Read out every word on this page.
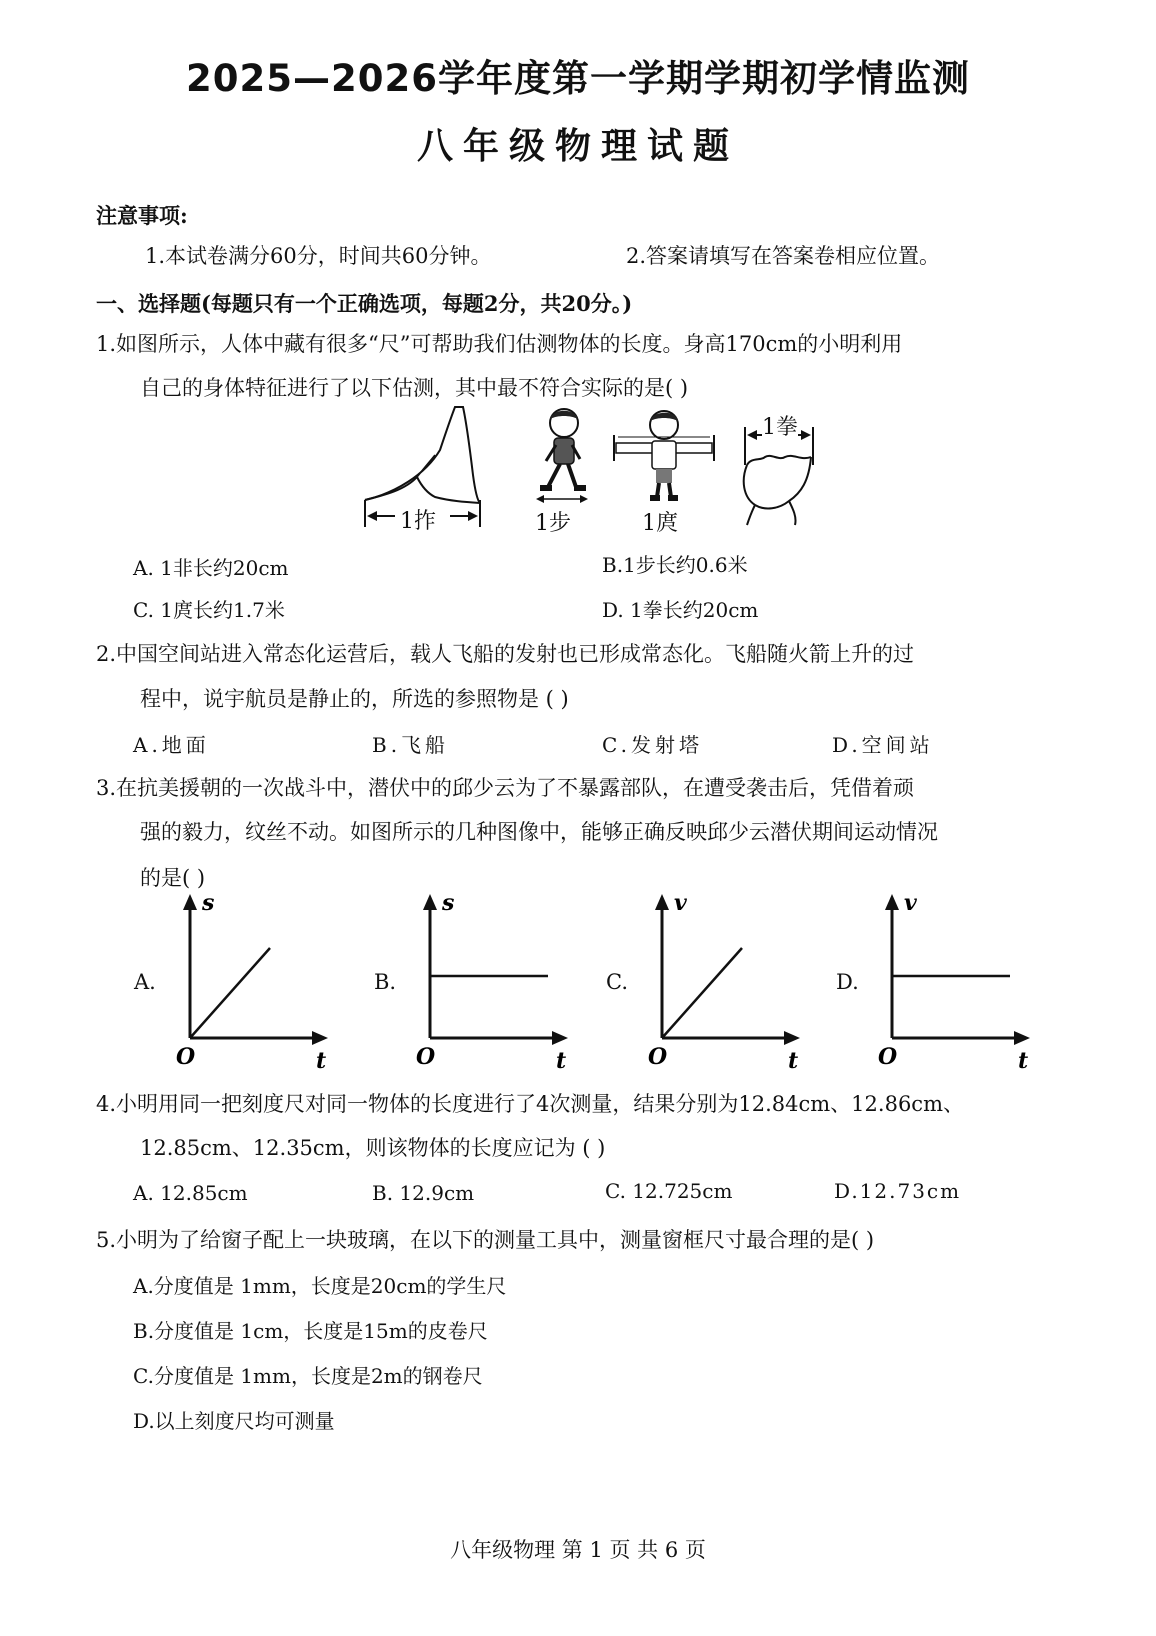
2025—2026学年度第一学期学期初学情监测
八年级物理试题
注意事项:
1.本试卷满分60分，时间共60分钟。	2.答案请填写在答案卷相应位置。
一、选择题(每题只有一个正确选项，每题2分，共20分。)
1.如图所示，人体中藏有很多“尺”可帮助我们估测物体的长度。身高170cm的小明利用
自己的身体特征进行了以下估测，其中最不符合实际的是( )
1拃	1步	1庹
1拳
A. 1非长约20cm	B.1步长约0.6米
C. 1庹长约1.7米	D. 1拳长约20cm
2.中国空间站进入常态化运营后，载人飞船的发射也已形成常态化。飞船随火箭上升的过
程中，说宇航员是静止的，所选的参照物是 ( )
A.地面	B.飞船	C.发射塔	D.空间站
3.在抗美援朝的一次战斗中，潜伏中的邱少云为了不暴露部队，在遭受袭击后，凭借着顽
强的毅力，纹丝不动。如图所示的几种图像中，能够正确反映邱少云潜伏期间运动情况
的是( )
A.
s
t
O
B.
s
t
O
C.
v
t
O
D.
v
t
O
4.小明用同一把刻度尺对同一物体的长度进行了4次测量，结果分别为12.84cm、12.86cm、
12.85cm、12.35cm，则该物体的长度应记为 ( )
A. 12.85cm	B. 12.9cm	C. 12.725cm	D.12.73cm
5.小明为了给窗子配上一块玻璃，在以下的测量工具中，测量窗框尺寸最合理的是( )
A.分度值是 1mm，长度是20cm的学生尺
B.分度值是 1cm，长度是15m的皮卷尺
C.分度值是 1mm，长度是2m的钢卷尺
D.以上刻度尺均可测量
八年级物理 第 1 页 共 6 页
